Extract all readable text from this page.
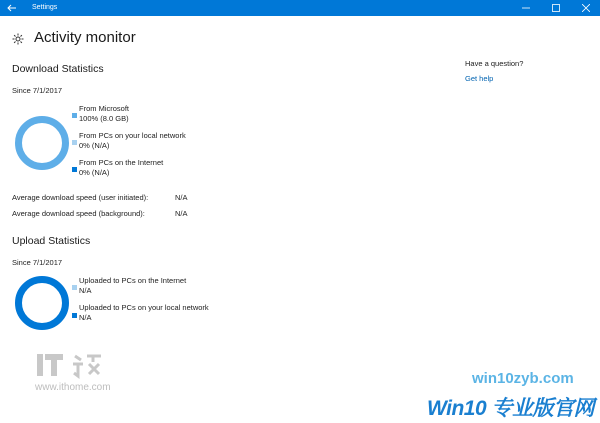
Settings
Activity monitor
Download Statistics
Since 7/1/2017
From Microsoft
100% (8.0 GB)
From PCs on your local network
0% (N/A)
From PCs on the Internet
0% (N/A)
Average download speed (user initiated):	N/A
Average download speed (background):	N/A
Upload Statistics
Since 7/1/2017
Uploaded to PCs on the Internet
N/A
Uploaded to PCs on your local network
N/A
Have a question?
Get help
www.ithome.com
win10zyb.com
Win10 专业版官网
